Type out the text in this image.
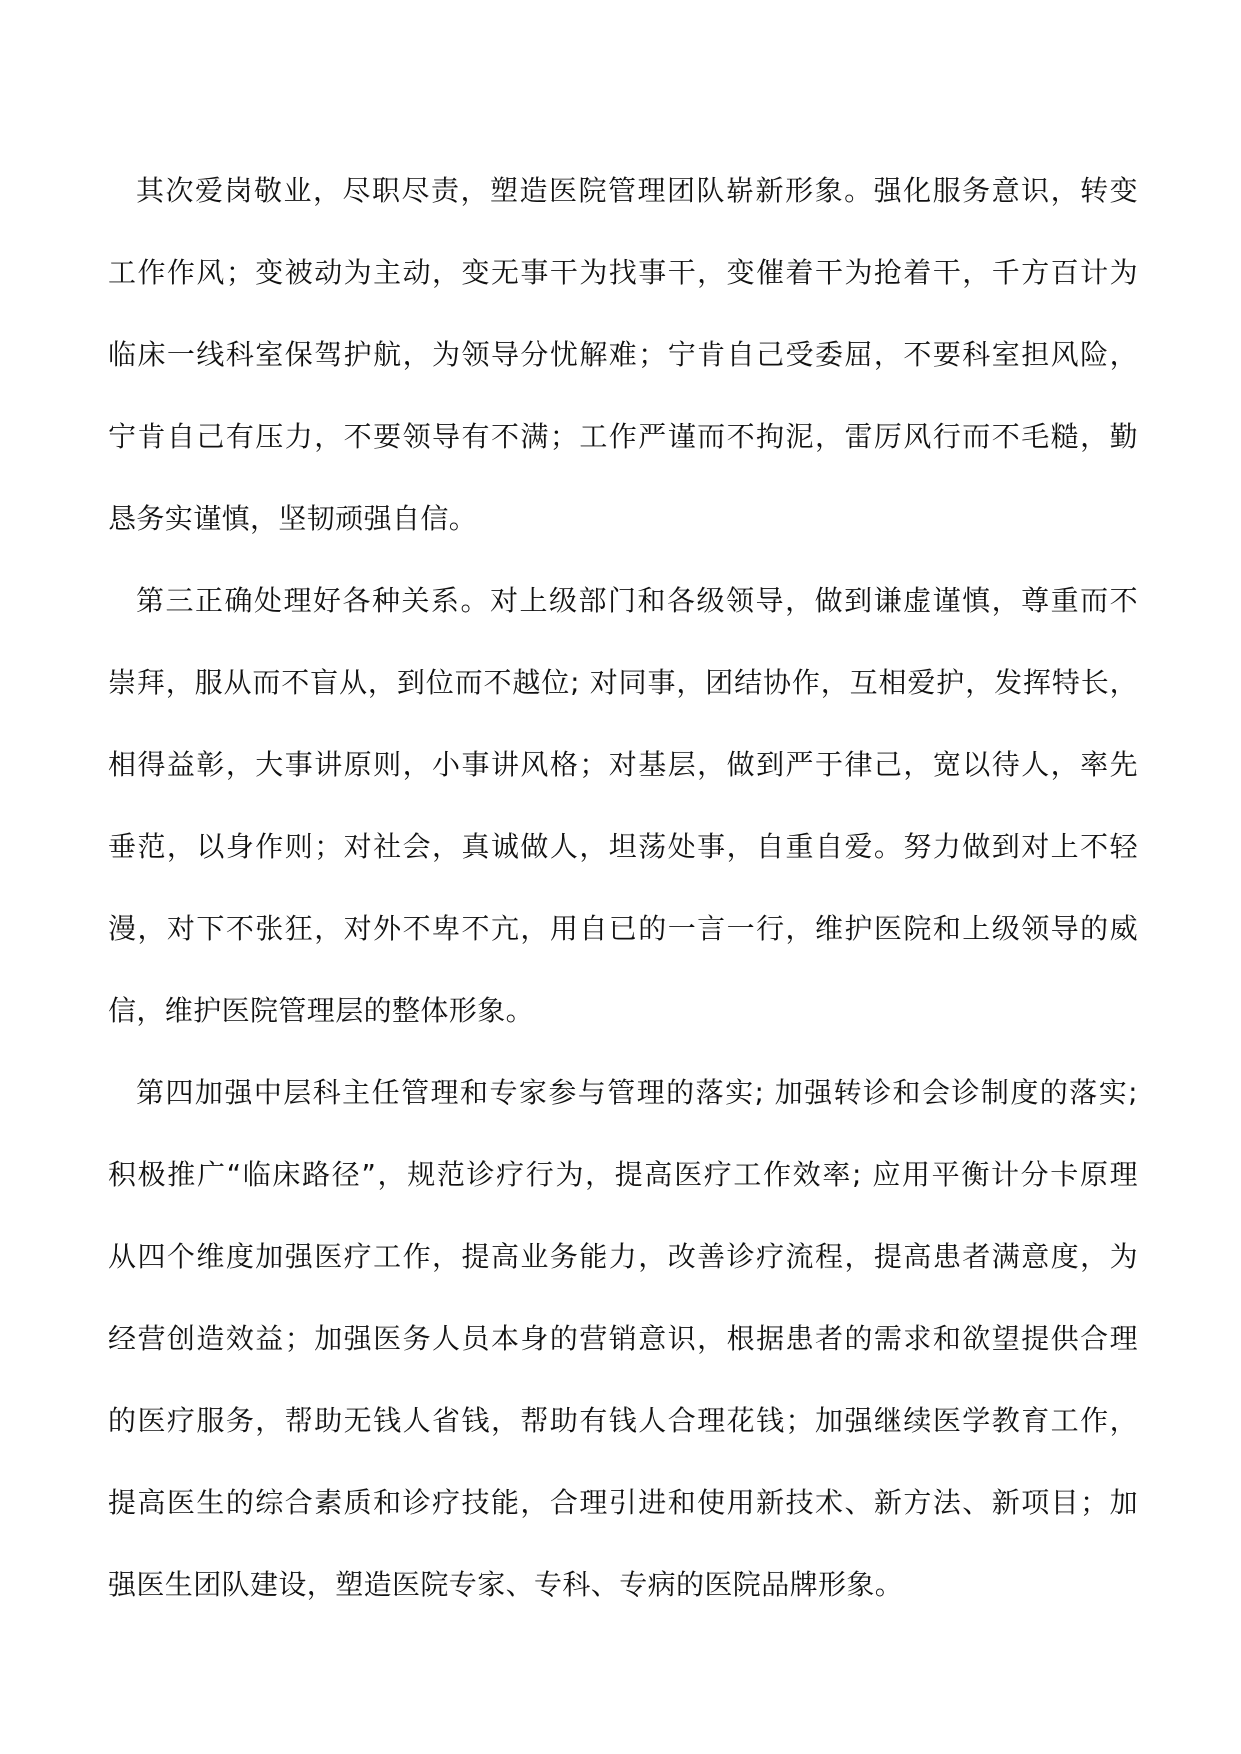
其次爱岗敬业，尽职尽责，塑造医院管理团队崭新形象。强化服务意识，转变
工作作风；变被动为主动，变无事干为找事干，变催着干为抢着干，千方百计为
临床一线科室保驾护航，为领导分忧解难；宁肯自己受委屈，不要科室担风险，
宁肯自己有压力，不要领导有不满；工作严谨而不拘泥，雷厉风行而不毛糙，勤
恳务实谨慎，坚韧顽强自信。
第三正确处理好各种关系。对上级部门和各级领导，做到谦虚谨慎，尊重而不
崇拜，服从而不盲从，到位而不越位; 对同事，团结协作，互相爱护，发挥特长，
相得益彰，大事讲原则，小事讲风格；对基层，做到严于律己，宽以待人，率先
垂范，以身作则；对社会，真诚做人，坦荡处事，自重自爱。努力做到对上不轻
漫，对下不张狂，对外不卑不亢，用自已的一言一行，维护医院和上级领导的威
信，维护医院管理层的整体形象。
第四加强中层科主任管理和专家参与管理的落实; 加强转诊和会诊制度的落实;
积极推广“临床路径”，规范诊疗行为，提高医疗工作效率; 应用平衡计分卡原理
从四个维度加强医疗工作，提高业务能力，改善诊疗流程，提高患者满意度，为
经营创造效益；加强医务人员本身的营销意识，根据患者的需求和欲望提供合理
的医疗服务，帮助无钱人省钱，帮助有钱人合理花钱；加强继续医学教育工作，
提高医生的综合素质和诊疗技能，合理引进和使用新技术、新方法、新项目；加
强医生团队建设，塑造医院专家、专科、专病的医院品牌形象。
